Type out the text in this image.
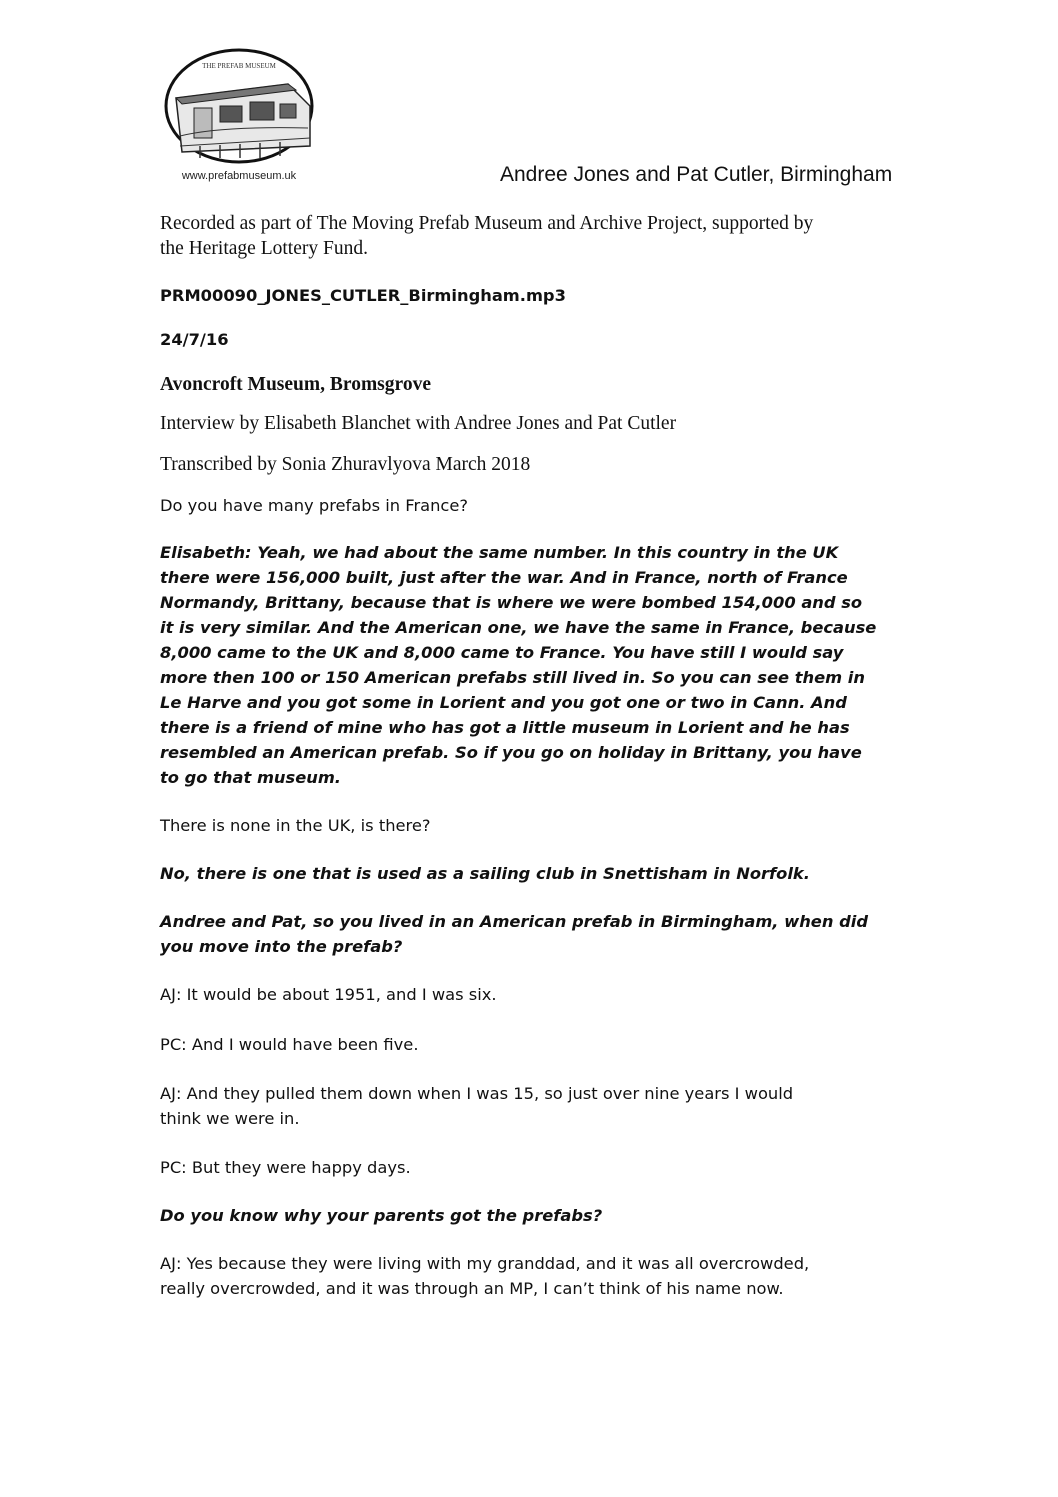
THE PREFAB MUSEUM
www.prefabmuseum.uk	Andree Jones and Pat Cutler, Birmingham

Recorded as part of The Moving Prefab Museum and Archive Project, supported by
the Heritage Lottery Fund.

PRM00090_JONES_CUTLER_Birmingham.mp3

24/7/16

Avoncroft Museum, Bromsgrove

Interview by Elisabeth Blanchet with Andree Jones and Pat Cutler

Transcribed by Sonia Zhuravlyova March 2018

Do you have many prefabs in France?

Elisabeth: Yeah, we had about the same number. In this country in the UK
there were 156,000 built, just after the war. And in France, north of France
Normandy, Brittany, because that is where we were bombed 154,000 and so
it is very similar. And the American one, we have the same in France, because
8,000 came to the UK and 8,000 came to France. You have still I would say
more then 100 or 150 American prefabs still lived in. So you can see them in
Le Harve and you got some in Lorient and you got one or two in Cann. And
there is a friend of mine who has got a little museum in Lorient and he has
resembled an American prefab. So if you go on holiday in Brittany, you have
to go that museum.

There is none in the UK, is there?

No, there is one that is used as a sailing club in Snettisham in Norfolk.

Andree and Pat, so you lived in an American prefab in Birmingham, when did
you move into the prefab?

AJ: It would be about 1951, and I was six.

PC: And I would have been five.

AJ: And they pulled them down when I was 15, so just over nine years I would
think we were in.

PC: But they were happy days.

Do you know why your parents got the prefabs?

AJ: Yes because they were living with my granddad, and it was all overcrowded,
really overcrowded, and it was through an MP, I can’t think of his name now.
